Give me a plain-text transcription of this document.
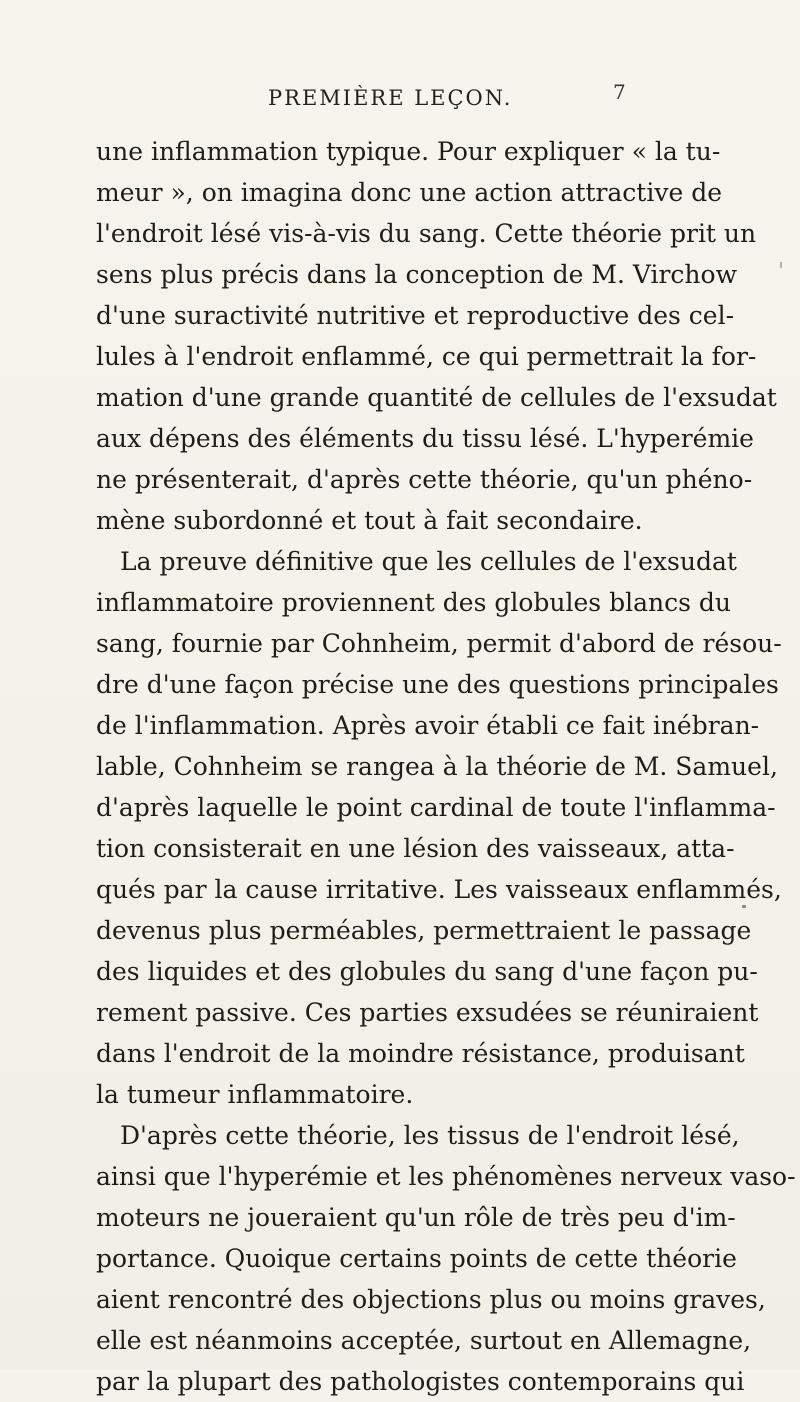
PREMIÈRE LEÇON.	7
une inflammation typique. Pour expliquer « la tu-
meur », on imagina donc une action attractive de
l'endroit lésé vis-à-vis du sang. Cette théorie prit un
sens plus précis dans la conception de M. Virchow
d'une suractivité nutritive et reproductive des cel-
lules à l'endroit enflammé, ce qui permettrait la for-
mation d'une grande quantité de cellules de l'exsudat
aux dépens des éléments du tissu lésé. L'hyperémie
ne présenterait, d'après cette théorie, qu'un phéno-
mène subordonné et tout à fait secondaire.
La preuve définitive que les cellules de l'exsudat
inflammatoire proviennent des globules blancs du
sang, fournie par Cohnheim, permit d'abord de résou-
dre d'une façon précise une des questions principales
de l'inflammation. Après avoir établi ce fait inébran-
lable, Cohnheim se rangea à la théorie de M. Samuel,
d'après laquelle le point cardinal de toute l'inflamma-
tion consisterait en une lésion des vaisseaux, atta-
qués par la cause irritative. Les vaisseaux enflammés,
devenus plus perméables, permettraient le passage
des liquides et des globules du sang d'une façon pu-
rement passive. Ces parties exsudées se réuniraient
dans l'endroit de la moindre résistance, produisant
la tumeur inflammatoire.
D'après cette théorie, les tissus de l'endroit lésé,
ainsi que l'hyperémie et les phénomènes nerveux vaso-
moteurs ne joueraient qu'un rôle de très peu d'im-
portance. Quoique certains points de cette théorie
aient rencontré des objections plus ou moins graves,
elle est néanmoins acceptée, surtout en Allemagne,
par la plupart des pathologistes contemporains qui
